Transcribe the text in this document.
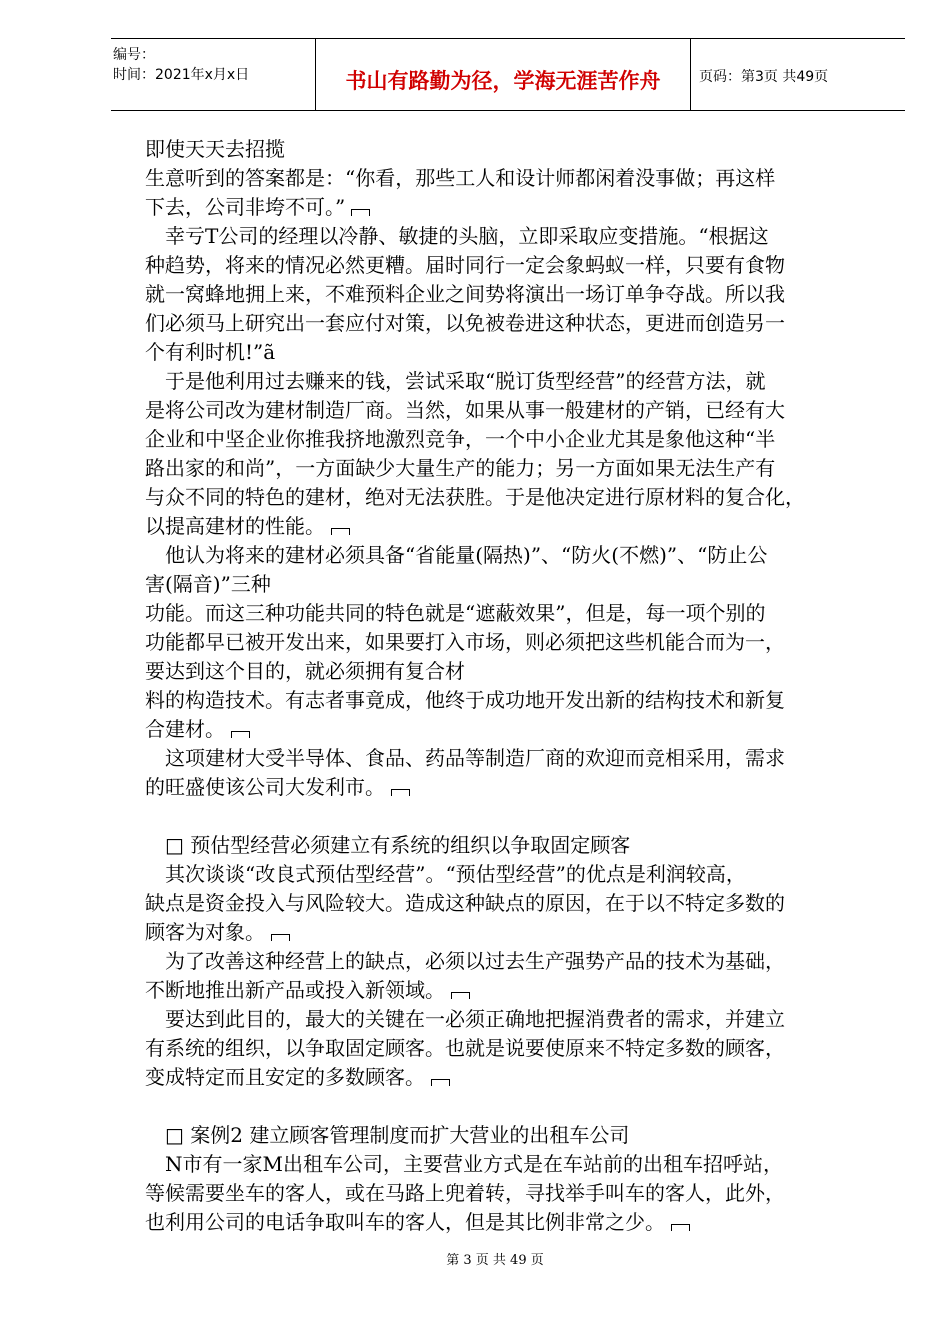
编号：
时间：2021年x月x日	书山有路勤为径，学海无涯苦作舟	页码：第3页 共49页
即使天天去招揽
生意听到的答案都是：“你看，那些工人和设计师都闲着没事做；再这样
下去，公司非垮不可。”
　幸亏T公司的经理以冷静、敏捷的头脑，立即采取应变措施。“根据这
种趋势，将来的情况必然更糟。届时同行一定会象蚂蚁一样，只要有食物
就一窝蜂地拥上来，不难预料企业之间势将演出一场订单争夺战。所以我
们必须马上研究出一套应付对策，以免被卷进这种状态，更进而创造另一
个有利时机!”ã
　于是他利用过去赚来的钱，尝试采取“脱订货型经营”的经营方法，就
是将公司改为建材制造厂商。当然，如果从事一般建材的产销，已经有大
企业和中坚企业你推我挤地激烈竞争，一个中小企业尤其是象他这种“半
路出家的和尚”，一方面缺少大量生产的能力；另一方面如果无法生产有
与众不同的特色的建材，绝对无法获胜。于是他决定进行原材料的复合化，
以提高建材的性能。
　他认为将来的建材必须具备“省能量(隔热)”、“防火(不燃)”、“防止公
害(隔音)”三种
功能。而这三种功能共同的特色就是“遮蔽效果”，但是，每一项个别的
功能都早已被开发出来，如果要打入市场，则必须把这些机能合而为一，
要达到这个目的，就必须拥有复合材
料的构造技术。有志者事竟成，他终于成功地开发出新的结构技术和新复
合建材。
　这项建材大受半导体、食品、药品等制造厂商的欢迎而竞相采用，需求
的旺盛使该公司大发利市。
　□ 预估型经营必须建立有系统的组织以争取固定顾客
　其次谈谈“改良式预估型经营”。“预估型经营”的优点是利润较高，
缺点是资金投入与风险较大。造成这种缺点的原因，在于以不特定多数的
顾客为对象。
　为了改善这种经营上的缺点，必须以过去生产强势产品的技术为基础，
不断地推出新产品或投入新领域。
　要达到此目的，最大的关键在一必须正确地把握消费者的需求，并建立
有系统的组织，以争取固定顾客。也就是说要使原来不特定多数的顾客，
变成特定而且安定的多数顾客。
　□ 案例2 建立顾客管理制度而扩大营业的出租车公司
　N市有一家M出租车公司，主要营业方式是在车站前的出租车招呼站，
等候需要坐车的客人，或在马路上兜着转，寻找举手叫车的客人，此外，
也利用公司的电话争取叫车的客人，但是其比例非常之少。
第 3 页 共 49 页
